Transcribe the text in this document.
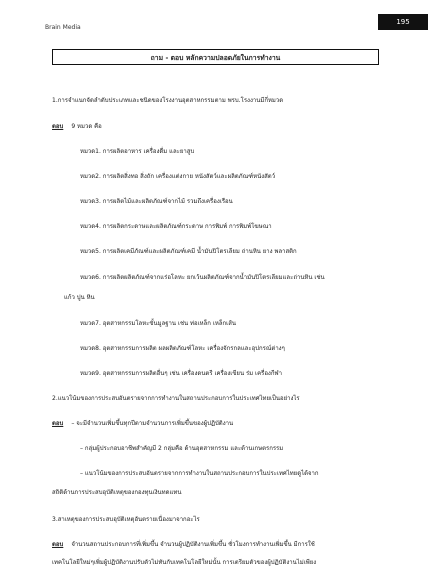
Brain Media
195
ถาม - ตอบ หลักความปลอดภัยในการทำงาน
1.การจำแนกจัดลำดับประเภทและชนิดของโรงงานอุตสาหกรรมตาม พรบ.โรงงานมีกี่หมวด
ตอบ 9 หมวด คือ
หมวด1. การผลิตอาหาร เครื่องดื่ม และยาสูบ
หมวด2. การผลิตสิ่งทอ สิ่งถัก เครื่องแต่งกาย หนังสัตว์และผลิตภัณฑ์หนังสัตว์
หมวด3. การผลิตไม้และผลิตภัณฑ์จากไม้ รวมถึงเครื่องเรือน
หมวด4. การผลิตกระดาษและผลิตภัณฑ์กระดาษ การพิมพ์ การพิมพ์โฆษณา
หมวด5. การผลิตเคมีภัณฑ์และผลิตภัณฑ์เคมี น้ำมันปิโตรเลียม ถ่านหิน ยาง พลาสติก
หมวด6. การผลิตผลิตภัณฑ์จากแร่อโลหะ ยกเว้นผลิตภัณฑ์จากน้ำมันปิโตรเลียมและถ่านหิน เช่น
แก้ว ปูน หิน
หมวด7. อุตสาหกรรมโลหะขั้นมูลฐาน เช่น ท่อเหล็ก เหล็กเส้น
หมวด8. อุตสาหกรรมการผลิต ผลผลิตภัณฑ์โลหะ เครื่องจักรกลและอุปกรณ์ต่างๆ
หมวด9. อุตสาหกรรมการผลิตอื่นๆ เช่น เครื่องดนตรี เครื่องเขียน ร่ม เครื่องกีฬา
2.แนวโน้มของการประสบอันตรายจากการทำงานในสถานประกอบการในประเทศไทยเป็นอย่างไร
ตอบ – จะมีจำนวนเพิ่มขึ้นทุกปีตามจำนวนการเพิ่มขึ้นของผู้ปฏิบัติงาน
– กลุ่มผู้ประกอบอาชีพสำคัญมี 2 กลุ่มคือ ด้านอุตสาหกรรม และด้านเกษตรกรรม
– แนวโน้มของการประสบอันตรายจากการทำงานในสถานประกอบการในประเทศไทยดูได้จาก
สถิติด้านการประสบอุบัติเหตุของกองทุนเงินทดแทน
3.สาเหตุของการประสบอุบัติเหตุอันตรายเนื่องมาจากอะไร
ตอบ จำนวนสถานประกอบการที่เพิ่มขึ้น จำนวนผู้ปฏิบัติงานเพิ่มขึ้น ชั่วโมงการทำงานเพิ่มขึ้น มีการใช้
เทคโนโลยีใหม่ๆเพิ่มผู้ปฏิบัติงานปรับตัวไม่ทันกับเทคโนโลยีใหม่นั้น การเตรียมตัวของผู้ปฏิบัติงานไม่เพียง
